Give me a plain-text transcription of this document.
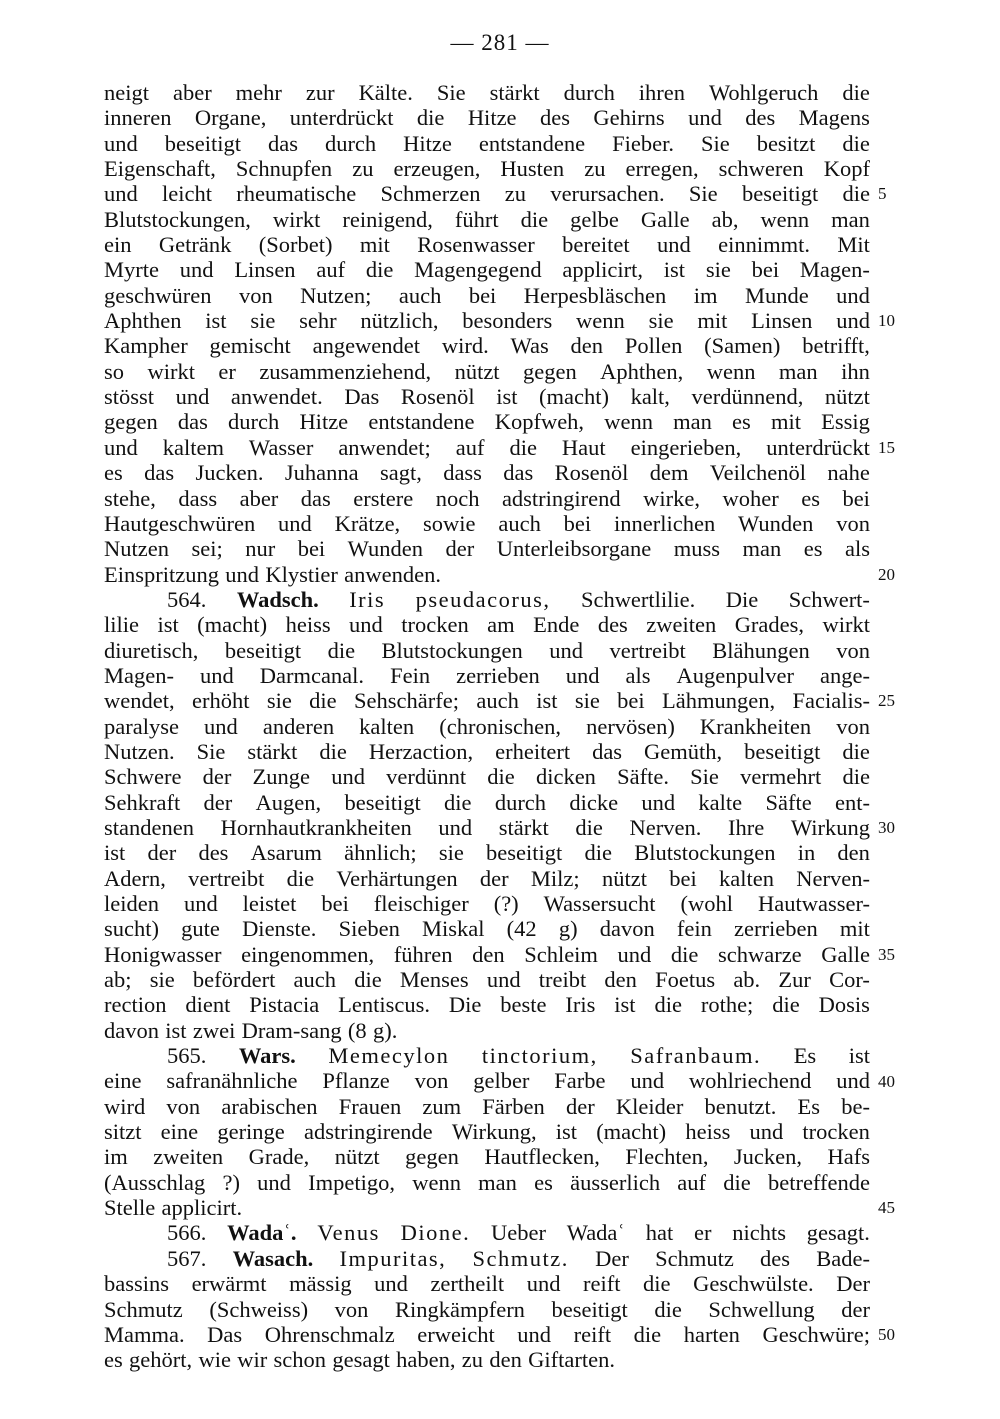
— 281 —
neigt aber mehr zur Kälte. Sie stärkt durch ihren Wohlgeruch die
inneren Organe, unterdrückt die Hitze des Gehirns und des Magens
und beseitigt das durch Hitze entstandene Fieber. Sie besitzt die
Eigenschaft, Schnupfen zu erzeugen, Husten zu erregen, schweren Kopf
und leicht rheumatische Schmerzen zu verursachen. Sie beseitigt die
Blutstockungen, wirkt reinigend, führt die gelbe Galle ab, wenn man
ein Getränk (Sorbet) mit Rosenwasser bereitet und einnimmt. Mit
Myrte und Linsen auf die Magengegend applicirt, ist sie bei Magen-
geschwüren von Nutzen; auch bei Herpesbläschen im Munde und
Aphthen ist sie sehr nützlich, besonders wenn sie mit Linsen und
Kampher gemischt angewendet wird. Was den Pollen (Samen) betrifft,
so wirkt er zusammenziehend, nützt gegen Aphthen, wenn man ihn
stösst und anwendet. Das Rosenöl ist (macht) kalt, verdünnend, nützt
gegen das durch Hitze entstandene Kopfweh, wenn man es mit Essig
und kaltem Wasser anwendet; auf die Haut eingerieben, unterdrückt
es das Jucken. Juhanna sagt, dass das Rosenöl dem Veilchenöl nahe
stehe, dass aber das erstere noch adstringirend wirke, woher es bei
Hautgeschwüren und Krätze, sowie auch bei innerlichen Wunden von
Nutzen sei; nur bei Wunden der Unterleibsorgane muss man es als
Einspritzung und Klystier anwenden.
564. Wadsch. Iris pseudacorus, Schwertlilie. Die Schwert-
lilie ist (macht) heiss und trocken am Ende des zweiten Grades, wirkt
diuretisch, beseitigt die Blutstockungen und vertreibt Blähungen von
Magen- und Darmcanal. Fein zerrieben und als Augenpulver ange-
wendet, erhöht sie die Sehschärfe; auch ist sie bei Lähmungen, Facialis-
paralyse und anderen kalten (chronischen, nervösen) Krankheiten von
Nutzen. Sie stärkt die Herzaction, erheitert das Gemüth, beseitigt die
Schwere der Zunge und verdünnt die dicken Säfte. Sie vermehrt die
Sehkraft der Augen, beseitigt die durch dicke und kalte Säfte ent-
standenen Hornhautkrankheiten und stärkt die Nerven. Ihre Wirkung
ist der des Asarum ähnlich; sie beseitigt die Blutstockungen in den
Adern, vertreibt die Verhärtungen der Milz; nützt bei kalten Nerven-
leiden und leistet bei fleischiger (?) Wassersucht (wohl Hautwasser-
sucht) gute Dienste. Sieben Miskal (42 g) davon fein zerrieben mit
Honigwasser eingenommen, führen den Schleim und die schwarze Galle
ab; sie befördert auch die Menses und treibt den Foetus ab. Zur Cor-
rection dient Pistacia Lentiscus. Die beste Iris ist die rothe; die Dosis
davon ist zwei Dram-sang (8 g).
565. Wars. Memecylon tinctorium, Safranbaum. Es ist
eine safranähnliche Pflanze von gelber Farbe und wohlriechend und
wird von arabischen Frauen zum Färben der Kleider benutzt. Es be-
sitzt eine geringe adstringirende Wirkung, ist (macht) heiss und trocken
im zweiten Grade, nützt gegen Hautflecken, Flechten, Jucken, Hafs
(Ausschlag ?) und Impetigo, wenn man es äusserlich auf die betreffende
Stelle applicirt.
566. Wadaʿ. Venus Dione. Ueber Wadaʿ hat er nichts gesagt.
567. Wasach. Impuritas, Schmutz. Der Schmutz des Bade-
bassins erwärmt mässig und zertheilt und reift die Geschwülste. Der
Schmutz (Schweiss) von Ringkämpfern beseitigt die Schwellung der
Mamma. Das Ohrenschmalz erweicht und reift die harten Geschwüre;
es gehört, wie wir schon gesagt haben, zu den Giftarten.
5
10
15
20
25
30
35
40
45
50
